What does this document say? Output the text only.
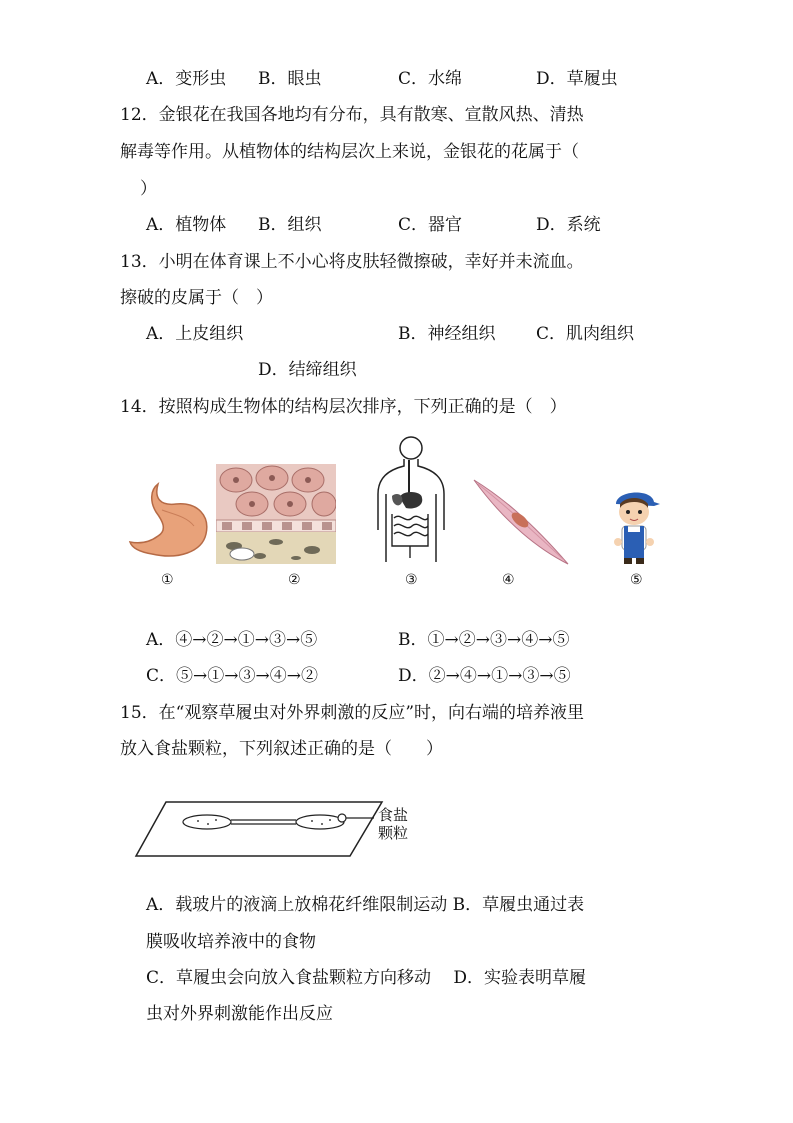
A．变形虫 B．眼虫	C．水绵	D．草履虫
12．金银花在我国各地均有分布，具有散寒、宣散风热、清热
解毒等作用。从植物体的结构层次上来说，金银花的花属于（
）
A．植物体 B．组织	C．器官	D．系统
13．小明在体育课上不小心将皮肤轻微擦破，幸好并未流血。
擦破的皮属于（　）
A．上皮组织	B．神经组织 C．肌肉组织
D．结缔组织
14．按照构成生物体的结构层次排序，下列正确的是（　）
①	②	③	④	⑤
A．④→②→①→③→⑤	B．①→②→③→④→⑤
C．⑤→①→③→④→②	D．②→④→①→③→⑤
15．在“观察草履虫对外界刺激的反应”时，向右端的培养液里
放入食盐颗粒，下列叙述正确的是（　　）
食盐
颗粒
A．载玻片的液滴上放棉花纤维限制运动 B．草履虫通过表
膜吸收培养液中的食物
C．草履虫会向放入食盐颗粒方向移动　 D．实验表明草履
虫对外界刺激能作出反应
